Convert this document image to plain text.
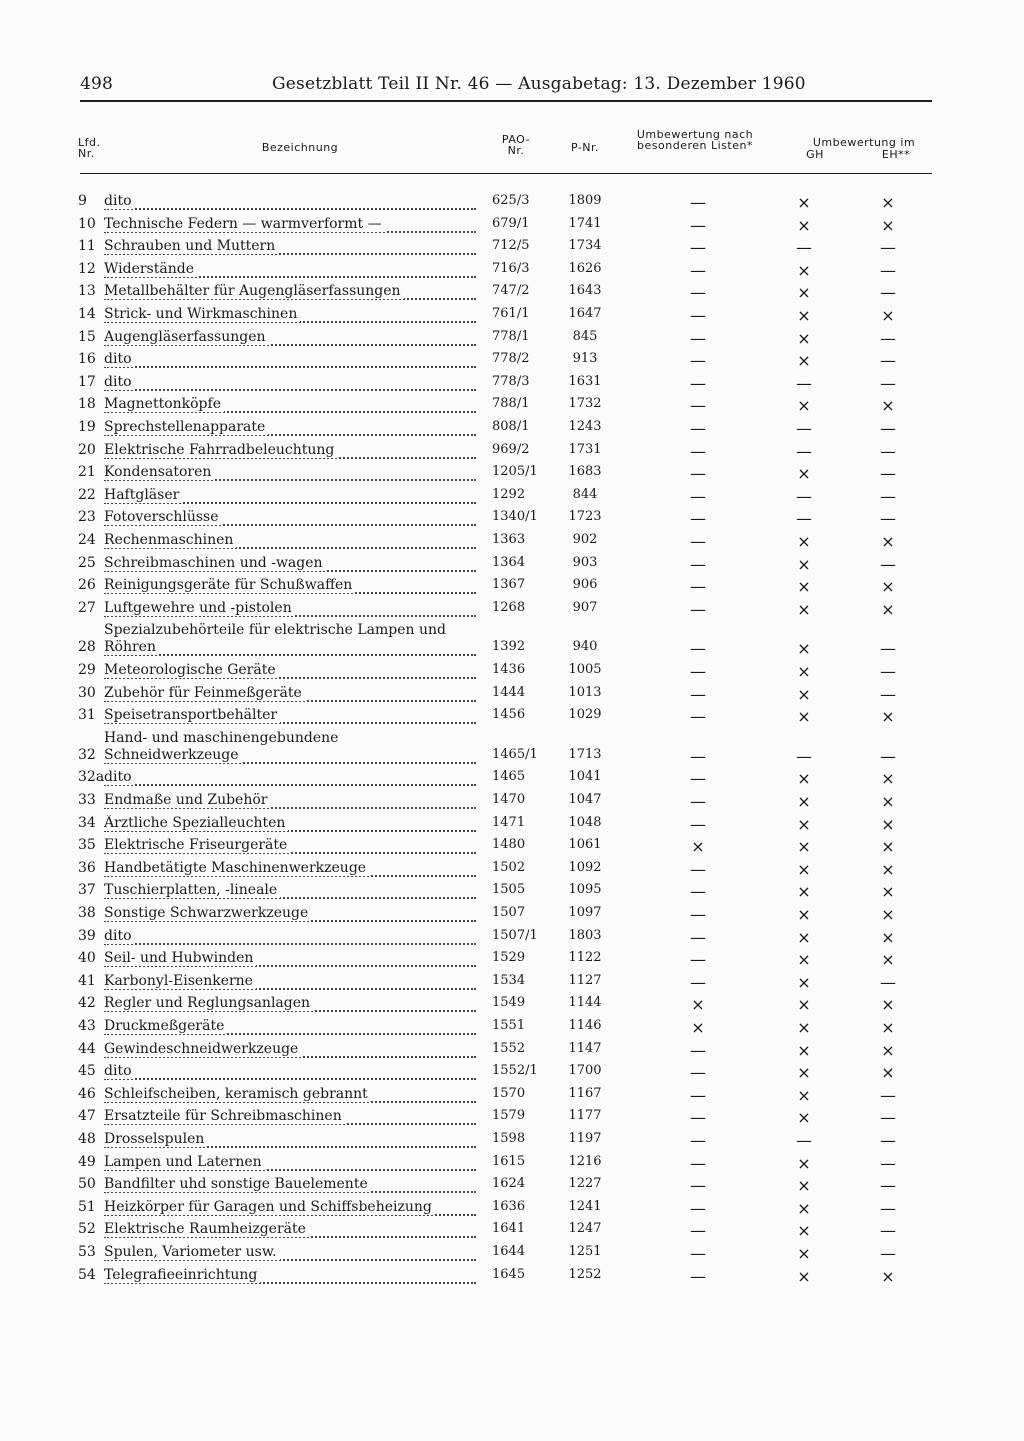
498	Gesetzblatt Teil II Nr. 46 — Ausgabetag: 13. Dezember 1960
Lfd. Nr.	Bezeichnung
PAO-Nr.	P-Nr.
Umbewertung nach besonderen Listen*	Umbewertung im
GH	EH**
9	dito	625/3	1809	—	×	×
10 Technische Federn — warmverformt —	679/1	1741	—	×	×
11 Schrauben und Muttern	712/5	1734	—	—	—
12 Widerstände	716/3	1626	—	×	—
13 Metallbehälter für Augengläserfassungen	747/2	1643	—	×	—
14 Strick- und Wirkmaschinen	761/1	1647	—	×	×
15 Augengläserfassungen	778/1	845	—	×	—
16 dito	778/2	913	—	×	—
17 dito	778/3	1631	—	—	—
18 Magnettonköpfe	788/1	1732	—	×	×
19 Sprechstellenapparate	808/1	1243	—	—	—
20 Elektrische Fahrradbeleuchtung	969/2	1731	—	—	—
21 Kondensatoren	1205/1	1683	—	×	—
22 Haftgläser	1292	844	—	—	—
23 Fotoverschlüsse	1340/1	1723	—	—	—
24 Rechenmaschinen	1363	902	—	×	×
25 Schreibmaschinen und -wagen	1364	903	—	×	—
26 Reinigungsgeräte für Schußwaffen	1367	906	—	×	×
27 Luftgewehre und -pistolen	1268	907	—	×	×
28
Spezialzubehörteile für elektrische Lampen und Röhren	1392	940	—	×	—
29 Meteorologische Geräte	1436	1005	—	×	—
30 Zubehör für Feinmeßgeräte	1444	1013	—	×	—
31 Speisetransportbehälter	1456	1029	—	×	×
32
Hand- und maschinengebundene Schneidwerkzeuge	1465/1	1713	—	—	—
32a dito	1465	1041	—	×	×
33 Endmaße und Zubehör	1470	1047	—	×	×
34 Ärztliche Spezialleuchten	1471	1048	—	×	×
35 Elektrische Friseurgeräte	1480	1061	×	×	×
36 Handbetätigte Maschinenwerkzeuge	1502	1092	—	×	×
37 Tuschierplatten, -lineale	1505	1095	—	×	×
38 Sonstige Schwarzwerkzeuge	1507	1097	—	×	×
39 dito	1507/1	1803	—	×	×
40 Seil- und Hubwinden	1529	1122	—	×	×
41 Karbonyl-Eisenkerne	1534	1127	—	×	—
42 Regler und Reglungsanlagen	1549	1144	×	×	×
43 Druckmeßgeräte	1551	1146	×	×	×
44 Gewindeschneidwerkzeuge	1552	1147	—	×	×
45 dito	1552/1	1700	—	×	×
46 Schleifscheiben, keramisch gebrannt	1570	1167	—	×	—
47 Ersatzteile für Schreibmaschinen	1579	1177	—	×	—
48 Drosselspulen	1598	1197	—	—	—
49 Lampen und Laternen	1615	1216	—	×	—
50 Bandfilter uhd sonstige Bauelemente	1624	1227	—	×	—
51 Heizkörper für Garagen und Schiffsbeheizung	1636	1241	—	×	—
52 Elektrische Raumheizgeräte	1641	1247	—	×	—
53 Spulen, Variometer usw.	1644	1251	—	×	—
54 Telegrafieeinrichtung	1645	1252	—	×	×
